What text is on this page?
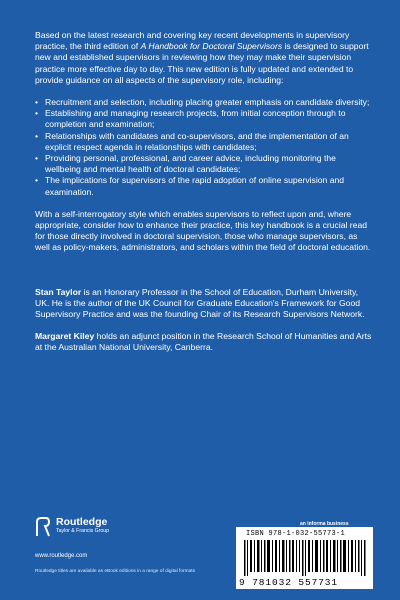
Based on the latest research and covering key recent developments in supervisory practice, the third edition of A Handbook for Doctoral Supervisors is designed to support new and established supervisors in reviewing how they may make their supervision practice more effective day to day. This new edition is fully updated and extended to provide guidance on all aspects of the supervisory role, including:

• Recruitment and selection, including placing greater emphasis on candidate diversity;
• Establishing and managing research projects, from initial conception through to completion and examination;
• Relationships with candidates and co-supervisors, and the implementation of an explicit respect agenda in relationships with candidates;
• Providing personal, professional, and career advice, including monitoring the wellbeing and mental health of doctoral candidates;
• The implications for supervisors of the rapid adoption of online supervision and examination.

With a self-interrogatory style which enables supervisors to reflect upon and, where appropriate, consider how to enhance their practice, this key handbook is a crucial read for those directly involved in doctoral supervision, those who manage supervisors, as well as policy-makers, administrators, and scholars within the field of doctoral education.

Stan Taylor is an Honorary Professor in the School of Education, Durham University, UK. He is the author of the UK Council for Graduate Education's Framework for Good Supervisory Practice and was the founding Chair of its Research Supervisors Network.

Margaret Kiley holds an adjunct position in the Research School of Humanities and Arts at the Australian National University, Canberra.

Routledge
Taylor & Francis Group
www.routledge.com
Routledge titles are available as eBook editions in a range of digital formats
an informa business
ISBN 978-1-032-55773-1
9 781032 557731
